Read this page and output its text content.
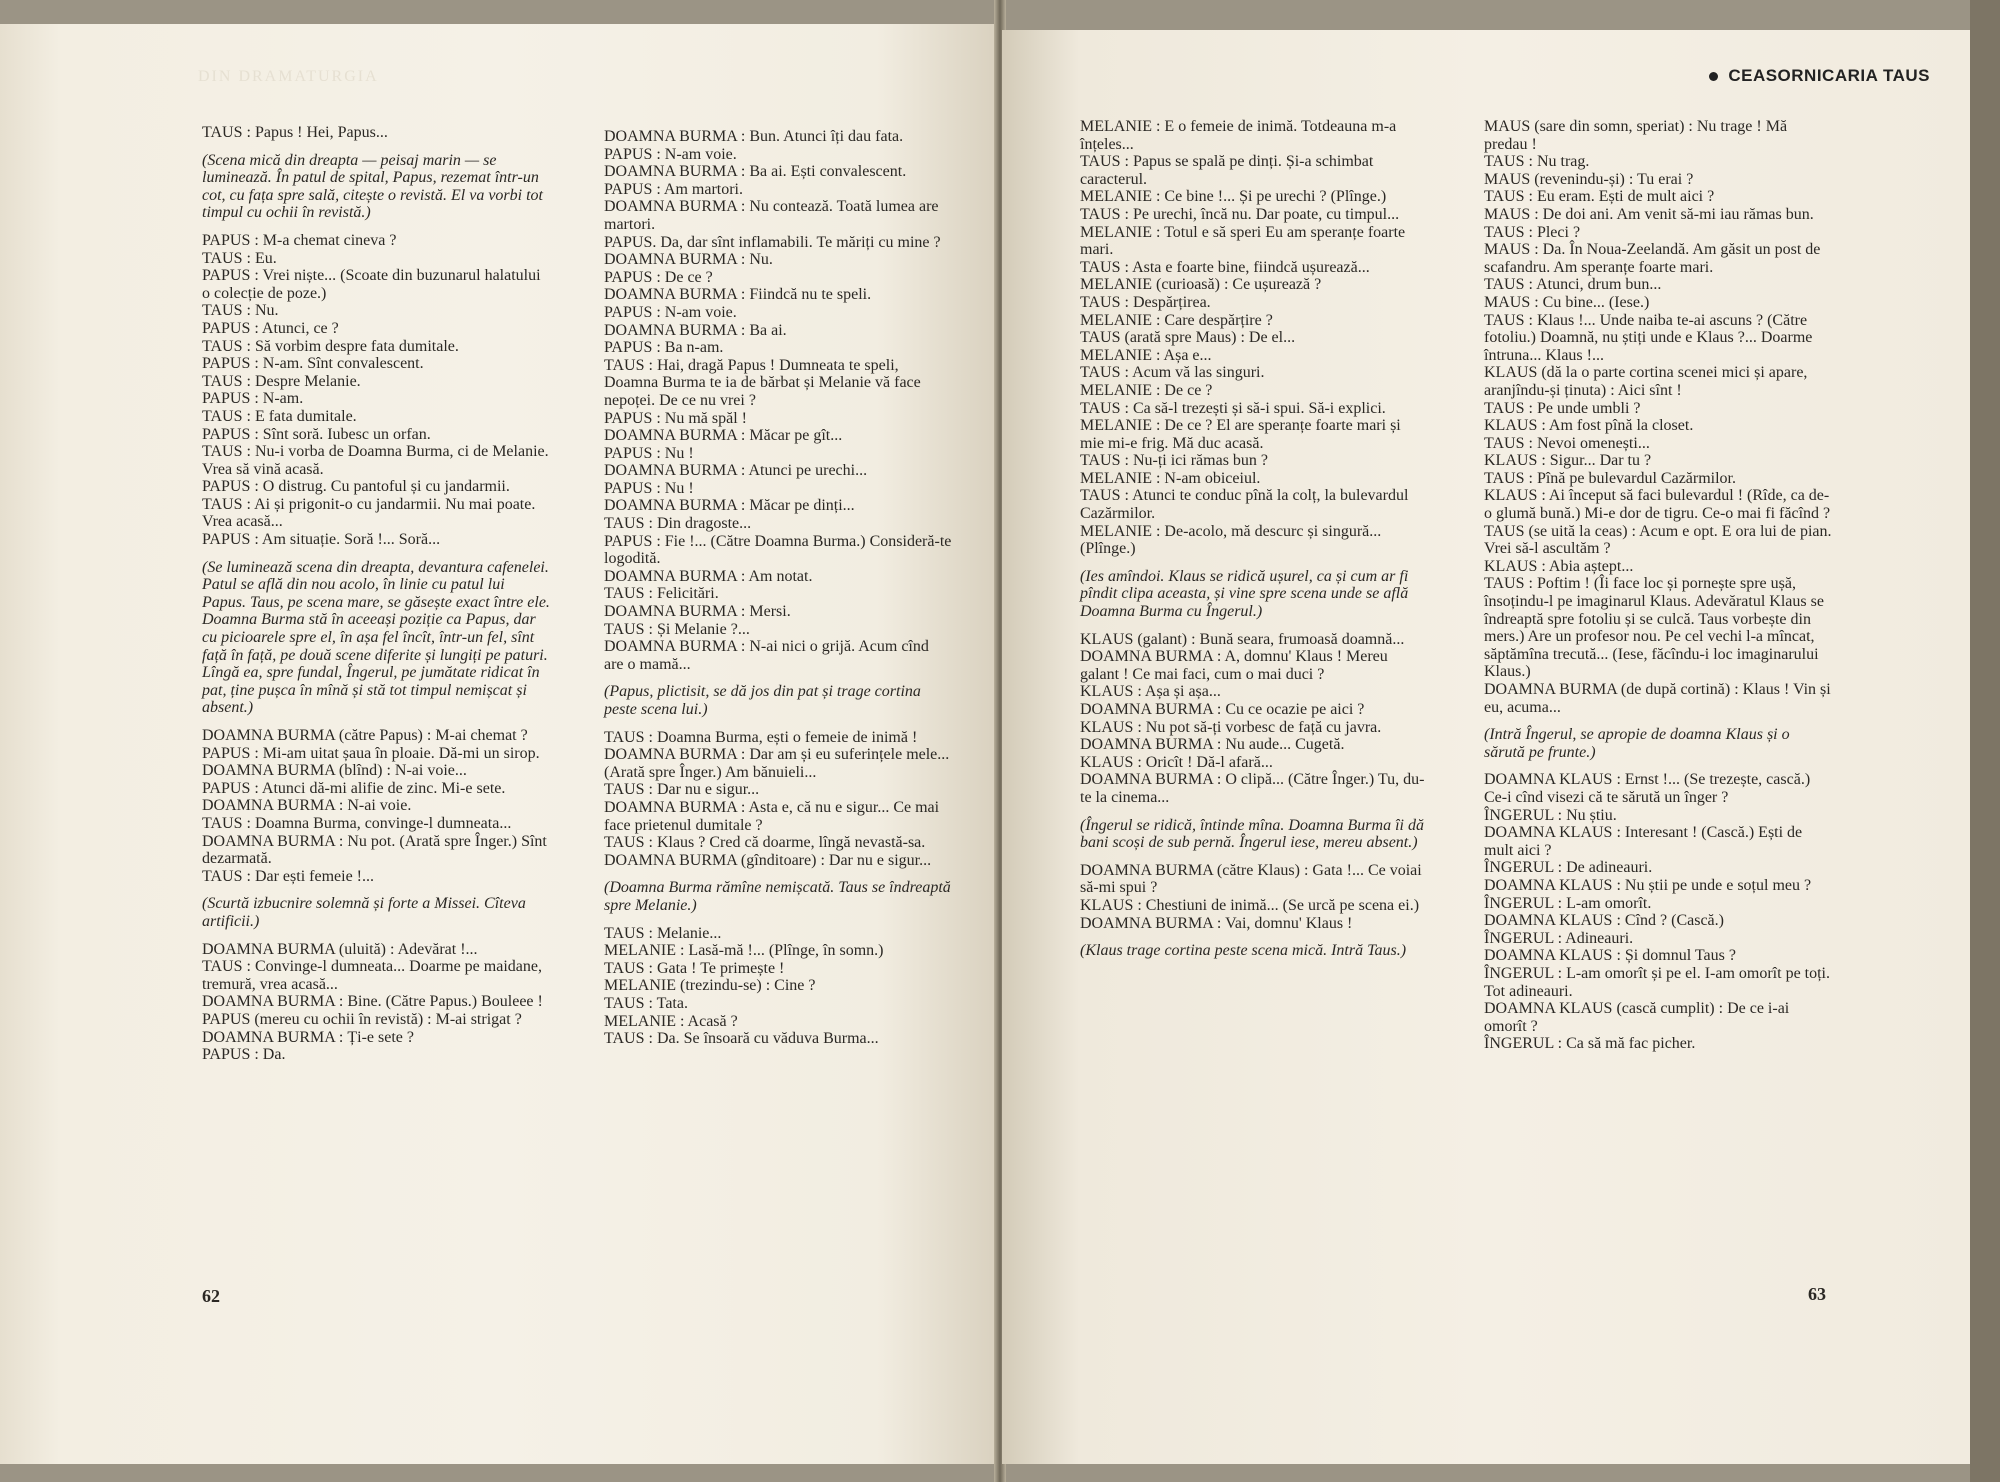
DIN DRAMATURGIA
TAUS : Papus ! Hei, Papus...
(Scena mică din dreapta — peisaj marin — se luminează. În patul de spital, Papus, rezemat într-un cot, cu fața spre sală, citește o revistă. El va vorbi tot timpul cu ochii în revistă.)
PAPUS : M-a chemat cineva ?
TAUS : Eu.
PAPUS : Vrei niște... (Scoate din buzunarul halatului o colecție de poze.)
TAUS : Nu.
PAPUS : Atunci, ce ?
TAUS : Să vorbim despre fata dumitale.
PAPUS : N-am. Sînt convalescent.
TAUS : Despre Melanie.
PAPUS : N-am.
TAUS : E fata dumitale.
PAPUS : Sînt soră. Iubesc un orfan.
TAUS : Nu-i vorba de Doamna Burma, ci de Melanie. Vrea să vină acasă.
PAPUS : O distrug. Cu pantoful și cu jandarmii.
TAUS : Ai și prigonit-o cu jandarmii. Nu mai poate. Vrea acasă...
PAPUS : Am situație. Soră !... Soră...
(Se luminează scena din dreapta, devantura cafenelei. Patul se află din nou acolo, în linie cu patul lui Papus. Taus, pe scena mare, se găsește exact între ele. Doamna Burma stă în aceeași poziție ca Papus, dar cu picioarele spre el, în așa fel încît, într-un fel, sînt față în față, pe două scene diferite și lungiți pe paturi. Lîngă ea, spre fundal, Îngerul, pe jumătate ridicat în pat, ține pușca în mînă și stă tot timpul nemișcat și absent.)
DOAMNA BURMA (către Papus) : M-ai chemat ?
PAPUS : Mi-am uitat șaua în ploaie. Dă-mi un sirop.
DOAMNA BURMA (blînd) : N-ai voie...
PAPUS : Atunci dă-mi alifie de zinc. Mi-e sete.
DOAMNA BURMA : N-ai voie.
TAUS : Doamna Burma, convinge-l dumneata...
DOAMNA BURMA : Nu pot. (Arată spre Înger.) Sînt dezarmată.
TAUS : Dar ești femeie !...
(Scurtă izbucnire solemnă și forte a Missei. Cîteva artificii.)
DOAMNA BURMA (uluită) : Adevărat !...
TAUS : Convinge-l dumneata... Doarme pe maidane, tremură, vrea acasă...
DOAMNA BURMA : Bine. (Către Papus.) Bouleee !
PAPUS (mereu cu ochii în revistă) : M-ai strigat ?
DOAMNA BURMA : Ți-e sete ?
PAPUS : Da.
DOAMNA BURMA : Bun. Atunci îți dau fata.
PAPUS : N-am voie.
DOAMNA BURMA : Ba ai. Ești convalescent.
PAPUS : Am martori.
DOAMNA BURMA : Nu contează. Toată lumea are martori.
PAPUS. Da, dar sînt inflamabili. Te măriți cu mine ?
DOAMNA BURMA : Nu.
PAPUS : De ce ?
DOAMNA BURMA : Fiindcă nu te speli.
PAPUS : N-am voie.
DOAMNA BURMA : Ba ai.
PAPUS : Ba n-am.
TAUS : Hai, dragă Papus ! Dumneata te speli, Doamna Burma te ia de bărbat și Melanie vă face nepoței. De ce nu vrei ?
PAPUS : Nu mă spăl !
DOAMNA BURMA : Măcar pe gît...
PAPUS : Nu !
DOAMNA BURMA : Atunci pe urechi...
PAPUS : Nu !
DOAMNA BURMA : Măcar pe dinți...
TAUS : Din dragoste...
PAPUS : Fie !... (Către Doamna Burma.) Consideră-te logodită.
DOAMNA BURMA : Am notat.
TAUS : Felicitări.
DOAMNA BURMA : Mersi.
TAUS : Și Melanie ?...
DOAMNA BURMA : N-ai nici o grijă. Acum cînd are o mamă...
(Papus, plictisit, se dă jos din pat și trage cortina peste scena lui.)
TAUS : Doamna Burma, ești o femeie de inimă !
DOAMNA BURMA : Dar am și eu suferințele mele... (Arată spre Înger.) Am bănuieli...
TAUS : Dar nu e sigur...
DOAMNA BURMA : Asta e, că nu e sigur... Ce mai face prietenul dumitale ?
TAUS : Klaus ? Cred că doarme, lîngă nevastă-sa.
DOAMNA BURMA (gînditoare) : Dar nu e sigur...
(Doamna Burma rămîne nemișcată. Taus se îndreaptă spre Melanie.)
TAUS : Melanie...
MELANIE : Lasă-mă !... (Plînge, în somn.)
TAUS : Gata ! Te primește !
MELANIE (trezindu-se) : Cine ?
TAUS : Tata.
MELANIE : Acasă ?
TAUS : Da. Se însoară cu văduva Burma...
62
CEASORNICARIA TAUS
MELANIE : E o femeie de inimă. Totdeauna m-a înțeles...
TAUS : Papus se spală pe dinți. Și-a schimbat caracterul.
MELANIE : Ce bine !... Și pe urechi ? (Plînge.)
TAUS : Pe urechi, încă nu. Dar poate, cu timpul...
MELANIE : Totul e să speri Eu am speranțe foarte mari.
TAUS : Asta e foarte bine, fiindcă ușurează...
MELANIE (curioasă) : Ce ușurează ?
TAUS : Despărțirea.
MELANIE : Care despărțire ?
TAUS (arată spre Maus) : De el...
MELANIE : Așa e...
TAUS : Acum vă las singuri.
MELANIE : De ce ?
TAUS : Ca să-l trezești și să-i spui. Să-i explici.
MELANIE : De ce ? El are speranțe foarte mari și mie mi-e frig. Mă duc acasă.
TAUS : Nu-ți ici rămas bun ?
MELANIE : N-am obiceiul.
TAUS : Atunci te conduc pînă la colț, la bulevardul Cazărmilor.
MELANIE : De-acolo, mă descurc și singură... (Plînge.)
(Ies amîndoi. Klaus se ridică ușurel, ca și cum ar fi pîndit clipa aceasta, și vine spre scena unde se află Doamna Burma cu Îngerul.)
KLAUS (galant) : Bună seara, frumoasă doamnă...
DOAMNA BURMA : A, domnu' Klaus ! Mereu galant ! Ce mai faci, cum o mai duci ?
KLAUS : Așa și așa...
DOAMNA BURMA : Cu ce ocazie pe aici ?
KLAUS : Nu pot să-ți vorbesc de față cu javra.
DOAMNA BURMA : Nu aude... Cugetă.
KLAUS : Oricît ! Dă-l afară...
DOAMNA BURMA : O clipă... (Către Înger.) Tu, du-te la cinema...
(Îngerul se ridică, întinde mîna. Doamna Burma îi dă bani scoși de sub pernă. Îngerul iese, mereu absent.)
DOAMNA BURMA (către Klaus) : Gata !... Ce voiai să-mi spui ?
KLAUS : Chestiuni de inimă... (Se urcă pe scena ei.)
DOAMNA BURMA : Vai, domnu' Klaus !
(Klaus trage cortina peste scena mică. Intră Taus.)
MAUS (sare din somn, speriat) : Nu trage ! Mă predau !
TAUS : Nu trag.
MAUS (revenindu-și) : Tu erai ?
TAUS : Eu eram. Ești de mult aici ?
MAUS : De doi ani. Am venit să-mi iau rămas bun.
TAUS : Pleci ?
MAUS : Da. În Noua-Zeelandă. Am găsit un post de scafandru. Am speranțe foarte mari.
TAUS : Atunci, drum bun...
MAUS : Cu bine... (Iese.)
TAUS : Klaus !... Unde naiba te-ai ascuns ? (Către fotoliu.) Doamnă, nu știți unde e Klaus ?... Doarme întruna... Klaus !...
KLAUS (dă la o parte cortina scenei mici și apare, aranjîndu-și ținuta) : Aici sînt !
TAUS : Pe unde umbli ?
KLAUS : Am fost pînă la closet.
TAUS : Nevoi omenești...
KLAUS : Sigur... Dar tu ?
TAUS : Pînă pe bulevardul Cazărmilor.
KLAUS : Ai început să faci bulevardul ! (Rîde, ca de-o glumă bună.) Mi-e dor de tigru. Ce-o mai fi făcînd ?
TAUS (se uită la ceas) : Acum e opt. E ora lui de pian. Vrei să-l ascultăm ?
KLAUS : Abia aștept...
TAUS : Poftim ! (Îi face loc și pornește spre ușă, însoțindu-l pe imaginarul Klaus. Adevăratul Klaus se îndreaptă spre fotoliu și se culcă. Taus vorbește din mers.) Are un profesor nou. Pe cel vechi l-a mîncat, săptămîna trecută... (Iese, făcîndu-i loc imaginarului Klaus.)
DOAMNA BURMA (de după cortină) : Klaus ! Vin și eu, acuma...
(Intră Îngerul, se apropie de doamna Klaus și o sărută pe frunte.)
DOAMNA KLAUS : Ernst !... (Se trezește, cască.) Ce-i cînd visezi că te sărută un înger ?
ÎNGERUL : Nu știu.
DOAMNA KLAUS : Interesant ! (Cască.) Ești de mult aici ?
ÎNGERUL : De adineauri.
DOAMNA KLAUS : Nu știi pe unde e soțul meu ?
ÎNGERUL : L-am omorît.
DOAMNA KLAUS : Cînd ? (Cască.)
ÎNGERUL : Adineauri.
DOAMNA KLAUS : Și domnul Taus ?
ÎNGERUL : L-am omorît și pe el. I-am omorît pe toți. Tot adineauri.
DOAMNA KLAUS (cască cumplit) : De ce i-ai omorît ?
ÎNGERUL : Ca să mă fac picher.
63
